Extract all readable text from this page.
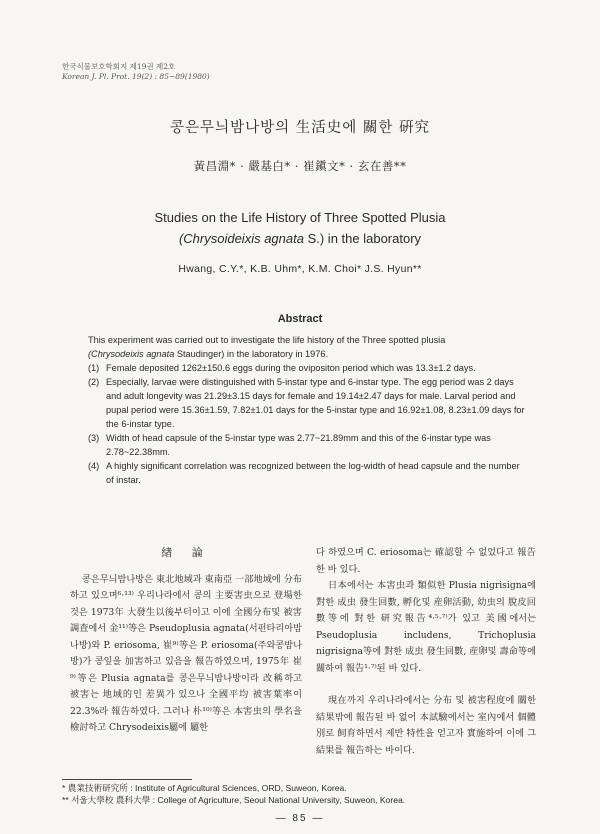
한국식물보호학회지 제19권 제2호
Korean J. Pl. Prot. 19(2) : 85~89(1980)
콩은무늬밤나방의 生活史에 關한 硏究
黃昌淵* · 嚴基白* · 崔鎭文* · 玄在善**
Studies on the Life History of Three Spotted Plusia
(Chrysoideixis agnata S.) in the laboratory
Hwang, C.Y.*, K.B. Uhm*, K.M. Choi* J.S. Hyun**
Abstract

This experiment was carried out to investigate the life history of the Three spotted plusia
(Chrysodeixis agnata Staudinger) in the laboratory in 1976.

(1) Female deposited 1262±150.6 eggs during the ovipositon period which was 13.3±1.2 days.
(2) Especially, larvae were distinguished with 5-instar type and 6-instar type. The egg period was 2 days and adult longevity was 21.29±3.15 days for female and 19.14±2.47 days for male. Larval period and pupal period were 15.36±1.59, 7.82±1.01 days for the 5-instar type and 16.92±1.08, 8.23±1.09 days for the 6-instar type.
(3) Width of head capsule of the 5-instar type was 2.77~21.89mm and this of the 6-instar type was 2.78~22.38mm.
(4) A highly significant correlation was recognized between the log-width of head capsule and the number of instar.
緖 論

콩은무늬밤나방은 東北地域과 東南亞 一部地域에 分布하고 있으며⁶·¹³⁾ 우리나라에서 콩의 主要害虫으로 登場한 것은 1973年 大發生以後부터이고 이에 全國分布및 被害調査에서 金¹¹⁾等은 Pseudoplusia agnata(서펀타리아밤나방)와 P. eriosoma, 崔⁹⁾等은 P. eriosoma(주와콩밤나방)가 콩잎을 加害하고 있음을 報告하였으며, 1975年 崔⁹⁾等은 Plusia agnata를 콩은무늬밤나방이라 改稱하고 被害는 地域的인 差異가 있으나 全國平均 被害葉率이 22.3%라 報告하였다. 그러나 朴¹⁰⁾等은 本害虫의 學名을 檢討하고 Chrysodeixis屬에 屬한

다 하였으며 C. eriosoma는 確認할 수 없었다고 報告한 바 있다.

日本에서는 本害虫과 類似한 Plusia nigrisigna에 對한 成虫 發生回數, 孵化및 産卵活動, 幼虫의 脫皮回數等에 對한 研究報告⁴·⁵·⁷⁾가 있고 美國에서는 Pseudoplusia includens, Trichoplusia nigrisigna等에 對한 成虫 發生回數, 産卵및 壽命等에 關하여 報告¹·⁷⁾된 바 있다.

現在까지 우리나라에서는 分布 및 被害程度에 關한 結果밖에 報告된 바 없어 本試驗에서는 室內에서 個體別로 飼育하면서 제반 特性을 얻고자 實施하여 이에 그 結果를 報告하는 바이다.

* 農業技術研究所 : Institute of Agricultural Sciences, ORD, Suweon, Korea.
** 서울大學校 農科大學 : College of Agriculture, Seoul National University, Suweon, Korea.
— 85 —
